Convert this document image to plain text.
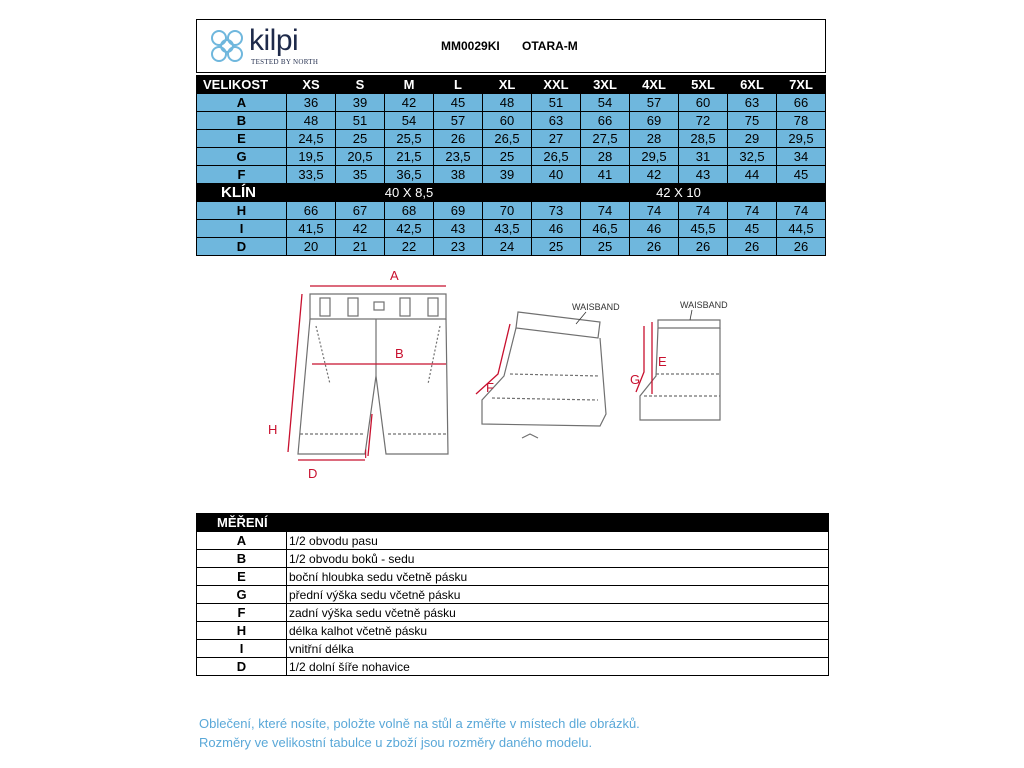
kilpi
TESTED BY NORTH
MM0029KI OTARA-M
VELIKOST	XS	S	M	L	XL	XXL	3XL	4XL	5XL	6XL	7XL
A	36	39	42	45	48	51	54	57	60	63	66
B	48	51	54	57	60	63	66	69	72	75	78
E	24,5	25	25,5	26	26,5	27	27,5	28	28,5	29	29,5
G	19,5	20,5	21,5	23,5	25	26,5	28	29,5	31	32,5	34
F	33,5	35	36,5	38	39	40	41	42	43	44	45
KLÍN	40 X 8,5					42 X 10					
H	66	67	68	69	70	73	74	74	74	74	74
I	41,5	42	42,5	43	43,5	46	46,5	46	45,5	45	44,5
D	20	21	22	23	24	25	25	26	26	26	26
A
B
H
I
D
F
WAISBAND
E
G
WAISBAND
MĚŘENÍ	
A	1/2 obvodu pasu
B	1/2 obvodu boků - sedu
E	boční hloubka sedu včetně pásku
G	přední výška sedu včetně pásku
F	zadní výška sedu včetně pásku
H	délka kalhot včetně pásku
I	vnitřní délka
D	1/2 dolní šíře nohavice
Oblečení, které nosíte, položte volně na stůl a změřte v místech dle obrázků.
Rozměry ve velikostní tabulce u zboží jsou rozměry daného modelu.
